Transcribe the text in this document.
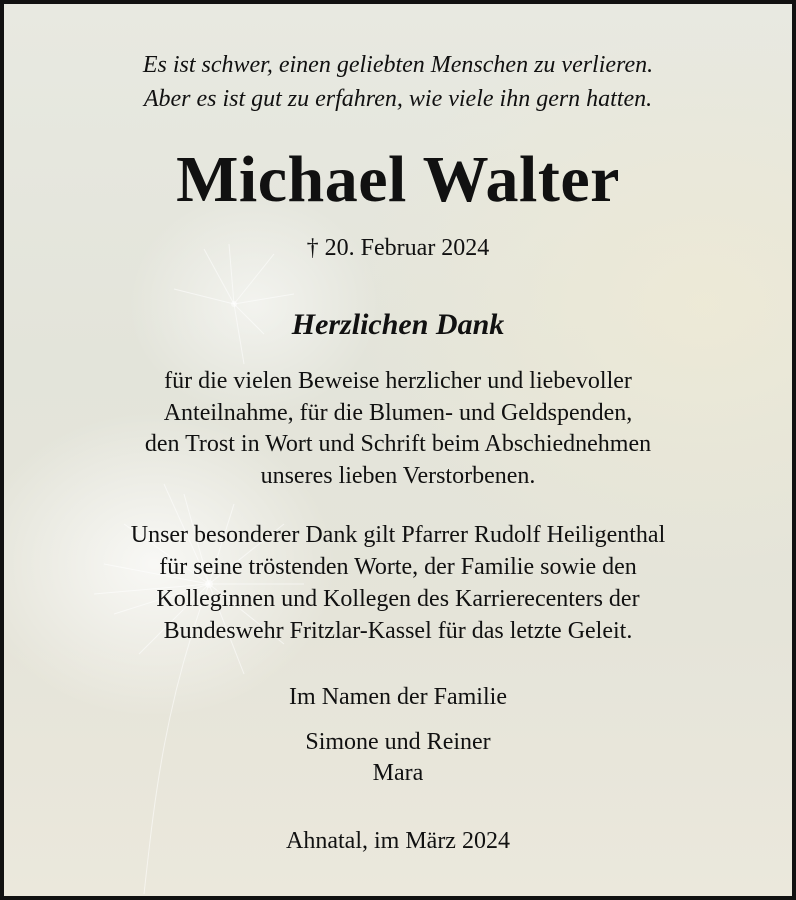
Es ist schwer, einen geliebten Menschen zu verlieren.
Aber es ist gut zu erfahren, wie viele ihn gern hatten.
Michael Walter
† 20. Februar 2024
Herzlichen Dank
für die vielen Beweise herzlicher und liebevoller
Anteilnahme, für die Blumen- und Geldspenden,
den Trost in Wort und Schrift beim Abschiednehmen
unseres lieben Verstorbenen.
Unser besonderer Dank gilt Pfarrer Rudolf Heiligenthal
für seine tröstenden Worte, der Familie sowie den
Kolleginnen und Kollegen des Karrierecenters der
Bundeswehr Fritzlar-Kassel für das letzte Geleit.
Im Namen der Familie
Simone und Reiner
Mara
Ahnatal, im März 2024
